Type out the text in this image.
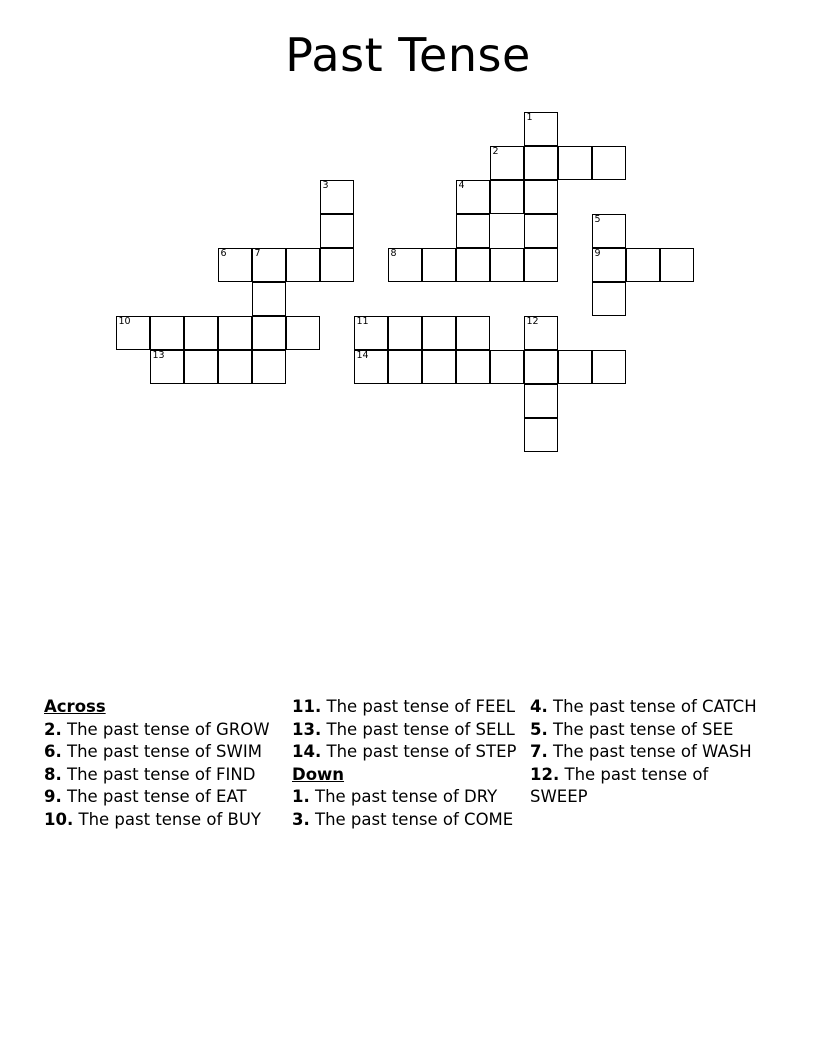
Past Tense
1
2
3	4
5
6	7	8	9
10	11	12
13	14
Across
2. The past tense of GROW
6. The past tense of SWIM
8. The past tense of FIND
9. The past tense of EAT
10. The past tense of BUY
11. The past tense of FEEL
13. The past tense of SELL
14. The past tense of STEP
Down
1. The past tense of DRY
3. The past tense of COME
4. The past tense of CATCH
5. The past tense of SEE
7. The past tense of WASH
12. The past tense of SWEEP
